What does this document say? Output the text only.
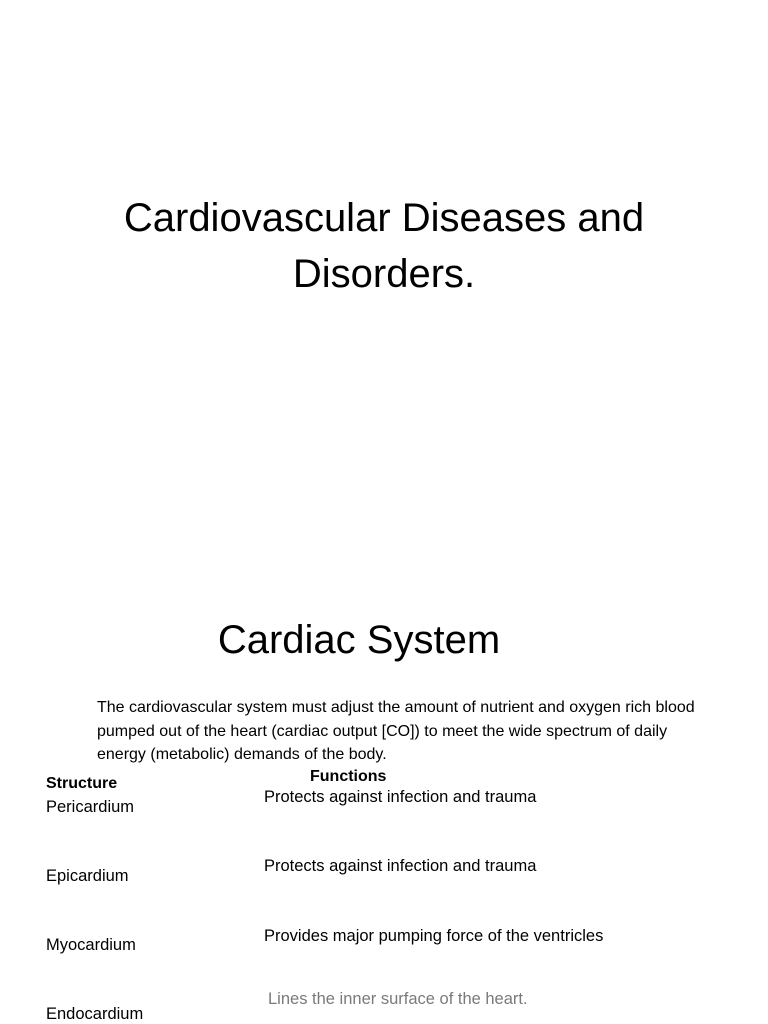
Cardiovascular Diseases and
Disorders.
Cardiac System

The cardiovascular system must adjust the amount of nutrient and oxygen rich blood pumped out of the heart (cardiac output [CO]) to meet the wide spectrum of daily energy (metabolic) demands of the body.

Structure	Functions
Pericardium
Protects against infection and trauma
Epicardium
Protects against infection and trauma
Myocardium	Provides major pumping force of the ventricles
Endocardium
Lines the inner surface of the heart.
